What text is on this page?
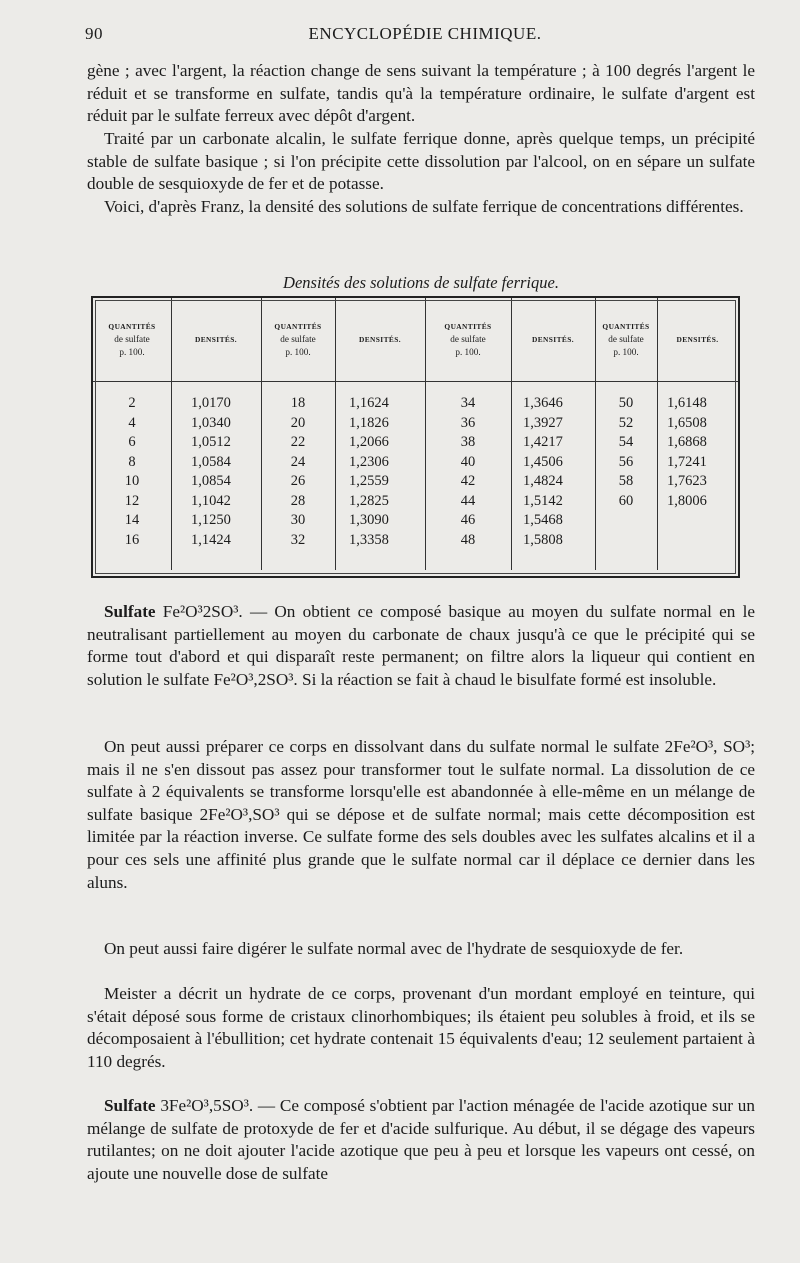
90	ENCYCLOPÉDIE CHIMIQUE.

gène ; avec l'argent, la réaction change de sens suivant la température ; à 100 degrés l'argent le réduit et se transforme en sulfate, tandis qu'à la température ordinaire, le sulfate d'argent est réduit par le sulfate ferreux avec dépôt d'argent.

Traité par un carbonate alcalin, le sulfate ferrique donne, après quelque temps, un précipité stable de sulfate basique ; si l'on précipite cette dissolution par l'alcool, on en sépare un sulfate double de sesquioxyde de fer et de potasse.

Voici, d'après Franz, la densité des solutions de sulfate ferrique de concentrations différentes.

Densités des solutions de sulfate ferrique.
QUANTITÉS
de sulfate
p. 100.
DENSITÉS.
QUANTITÉS
de sulfate
p. 100.
DENSITÉS.
QUANTITÉS
de sulfate
p. 100.
DENSITÉS.
QUANTITÉS
de sulfate
p. 100.
DENSITÉS.
2
4
6
8
10
12
14
16
1,0170
1,0340
1,0512
1,0584
1,0854
1,1042
1,1250
1,1424
18
20
22
24
26
28
30
32
1,1624
1,1826
1,2066
1,2306
1,2559
1,2825
1,3090
1,3358
34
36
38
40
42
44
46
48
1,3646
1,3927
1,4217
1,4506
1,4824
1,5142
1,5468
1,5808
50
52
54
56
58
60
1,6148
1,6508
1,6868
1,7241
1,7623
1,8006

Sulfate Fe²O³2SO³. — On obtient ce composé basique au moyen du sulfate normal en le neutralisant partiellement au moyen du carbonate de chaux jusqu'à ce que le précipité qui se forme tout d'abord et qui disparaît reste permanent; on filtre alors la liqueur qui contient en solution le sulfate Fe²O³,2SO³. Si la réaction se fait à chaud le bisulfate formé est insoluble.

On peut aussi préparer ce corps en dissolvant dans du sulfate normal le sulfate 2Fe²O³, SO³; mais il ne s'en dissout pas assez pour transformer tout le sulfate normal. La dissolution de ce sulfate à 2 équivalents se transforme lorsqu'elle est abandonnée à elle-même en un mélange de sulfate basique 2Fe²O³,SO³ qui se dépose et de sulfate normal; mais cette décomposition est limitée par la réaction inverse. Ce sulfate forme des sels doubles avec les sulfates alcalins et il a pour ces sels une affinité plus grande que le sulfate normal car il déplace ce dernier dans les aluns.

On peut aussi faire digérer le sulfate normal avec de l'hydrate de sesquioxyde de fer.

Meister a décrit un hydrate de ce corps, provenant d'un mordant employé en teinture, qui s'était déposé sous forme de cristaux clinorhombiques; ils étaient peu solubles à froid, et ils se décomposaient à l'ébullition; cet hydrate contenait 15 équivalents d'eau; 12 seulement partaient à 110 degrés.

Sulfate 3Fe²O³,5SO³. — Ce composé s'obtient par l'action ménagée de l'acide azotique sur un mélange de sulfate de protoxyde de fer et d'acide sulfurique. Au début, il se dégage des vapeurs rutilantes; on ne doit ajouter l'acide azotique que peu à peu et lorsque les vapeurs ont cessé, on ajoute une nouvelle dose de sulfate
